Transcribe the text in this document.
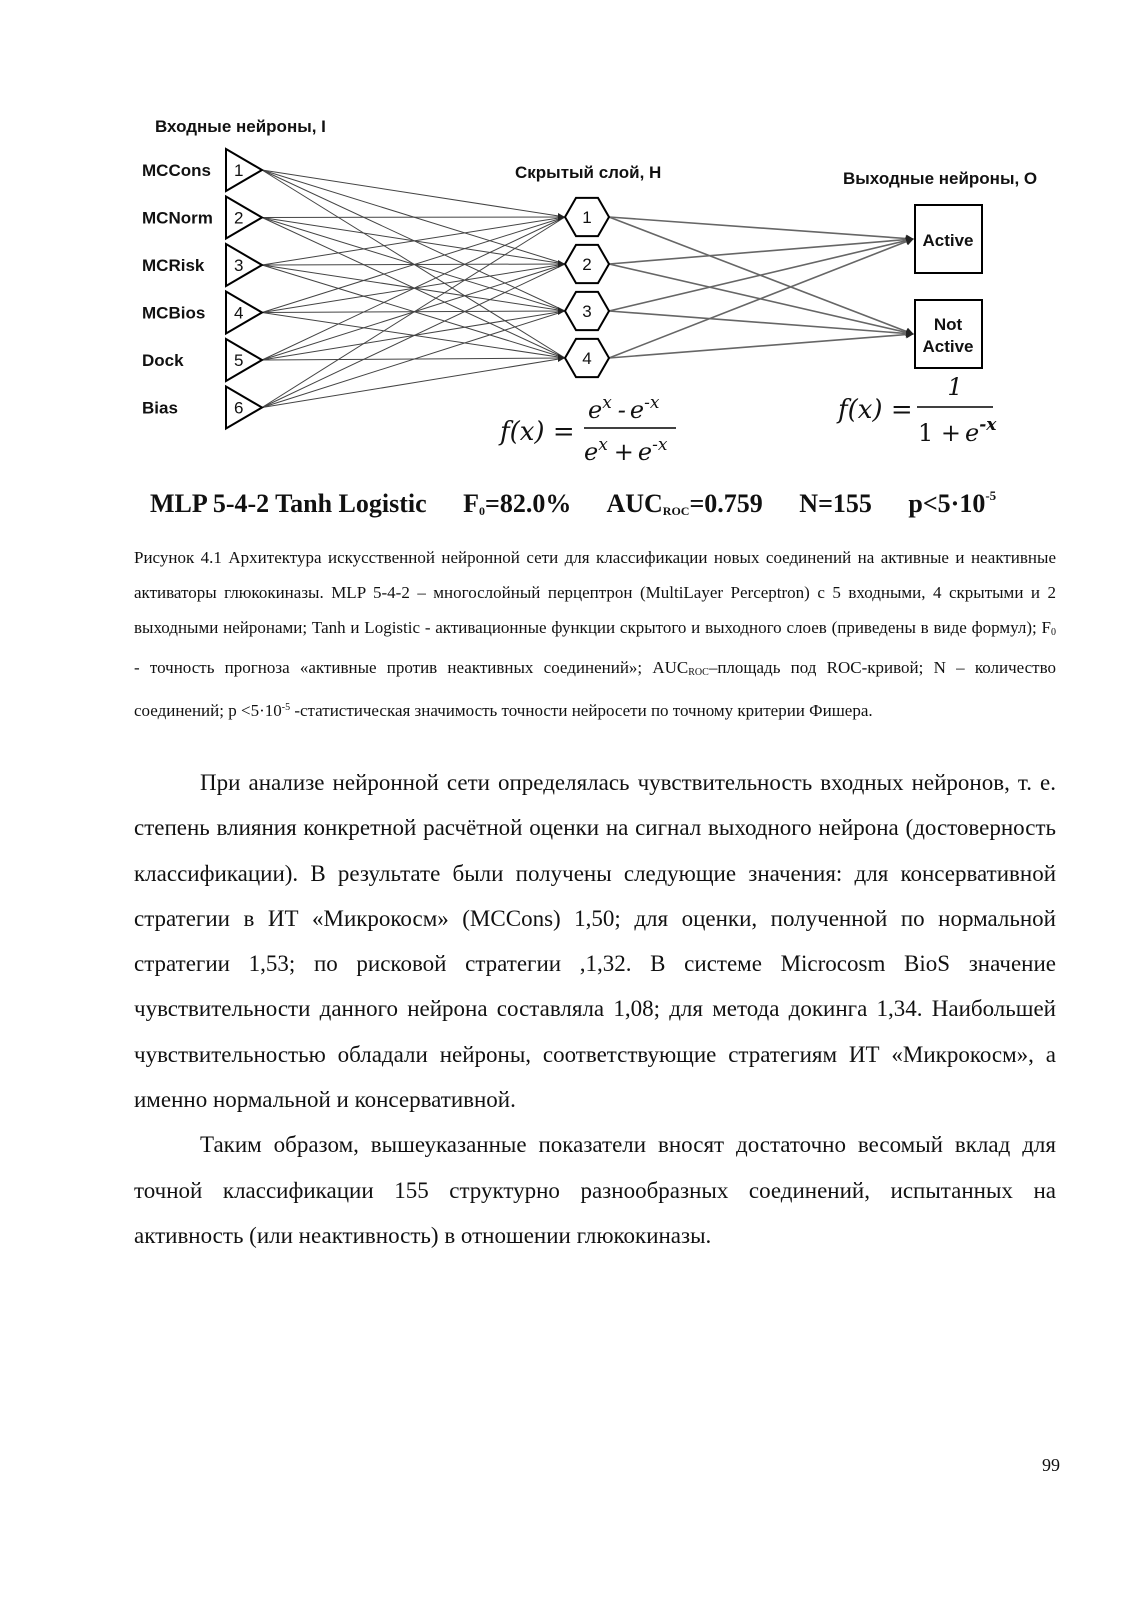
Входные нейроны, I
Скрытый слой, H	Выходные нейроны, O
1
MCCons
2
MCNorm
3
MCRisk
4
MCBios
5
Dock
6
Bias
1
2
3
4
Active
Not
Active
f(x) =
$e^x - e^{-x}$
$e^x + e^{-x}$
f(x) =
1
$1 + e^{-x}$
MLP 5-4-2 Tanh Logistic $F_0=82.0\%$ $AUC_{ROC}=0.759$ N=155 $p<5\cdot 10^{-5}$
Рисунок 4.1 Архитектура искусственной нейронной сети для классификации новых соединений на активные и неактивные активаторы глюкокиназы. MLP 5-4-2 – многослойный перцептрон (MultiLayer Perceptron) с 5 входными, 4 скрытыми и 2 выходными нейронами; Tanh и Logistic - активационные функции скрытого и выходного слоев (приведены в виде формул); $F_0$ - точность прогноза «активные против неактивных соединений»; $AUC_{ROC}$–площадь под ROC-кривой; N – количество соединений; $p <5\cdot 10^{-5}$ -статистическая значимость точности нейросети по точному критерии Фишера.

При анализе нейронной сети определялась чувствительность входных нейронов, т. е. степень влияния конкретной расчётной оценки на сигнал выходного нейрона (достоверность классификации). В результате были получены следующие значения: для консервативной стратегии в ИТ «Микрокосм» (MCCons) 1,50; для оценки, полученной по нормальной стратегии 1,53; по рисковой стратегии ,1,32. В системе Microcosm BioS значение чувствительности данного нейрона составляла 1,08; для метода докинга 1,34. Наибольшей чувствительностью обладали нейроны, соответствующие стратегиям ИТ «Микрокосм», а именно нормальной и консервативной.

Таким образом, вышеуказанные показатели вносят достаточно весомый вклад для точной классификации 155 структурно разнообразных соединений, испытанных на активность (или неактивность) в отношении глюкокиназы.

99
